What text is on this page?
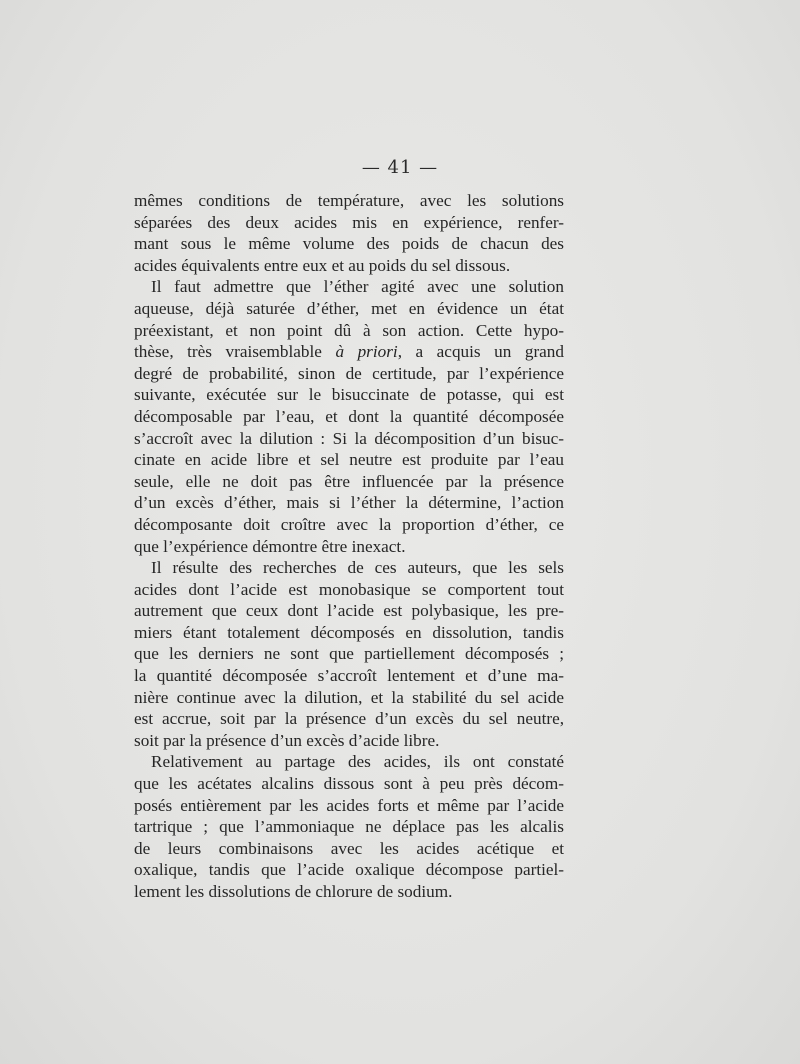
— 41 —
mêmes conditions de température, avec les solutions
séparées des deux acides mis en expérience, renfer-
mant sous le même volume des poids de chacun des
acides équivalents entre eux et au poids du sel dissous.
Il faut admettre que l’éther agité avec une solution
aqueuse, déjà saturée d’éther, met en évidence un état
préexistant, et non point dû à son action. Cette hypo-
thèse, très vraisemblable à priori, a acquis un grand
degré de probabilité, sinon de certitude, par l’expérience
suivante, exécutée sur le bisuccinate de potasse, qui est
décomposable par l’eau, et dont la quantité décomposée
s’accroît avec la dilution : Si la décomposition d’un bisuc-
cinate en acide libre et sel neutre est produite par l’eau
seule, elle ne doit pas être influencée par la présence
d’un excès d’éther, mais si l’éther la détermine, l’action
décomposante doit croître avec la proportion d’éther, ce
que l’expérience démontre être inexact.
Il résulte des recherches de ces auteurs, que les sels
acides dont l’acide est monobasique se comportent tout
autrement que ceux dont l’acide est polybasique, les pre-
miers étant totalement décomposés en dissolution, tandis
que les derniers ne sont que partiellement décomposés ;
la quantité décomposée s’accroît lentement et d’une ma-
nière continue avec la dilution, et la stabilité du sel acide
est accrue, soit par la présence d’un excès du sel neutre,
soit par la présence d’un excès d’acide libre.
Relativement au partage des acides, ils ont constaté
que les acétates alcalins dissous sont à peu près décom-
posés entièrement par les acides forts et même par l’acide
tartrique ; que l’ammoniaque ne déplace pas les alcalis
de leurs combinaisons avec les acides acétique et
oxalique, tandis que l’acide oxalique décompose partiel-
lement les dissolutions de chlorure de sodium.
